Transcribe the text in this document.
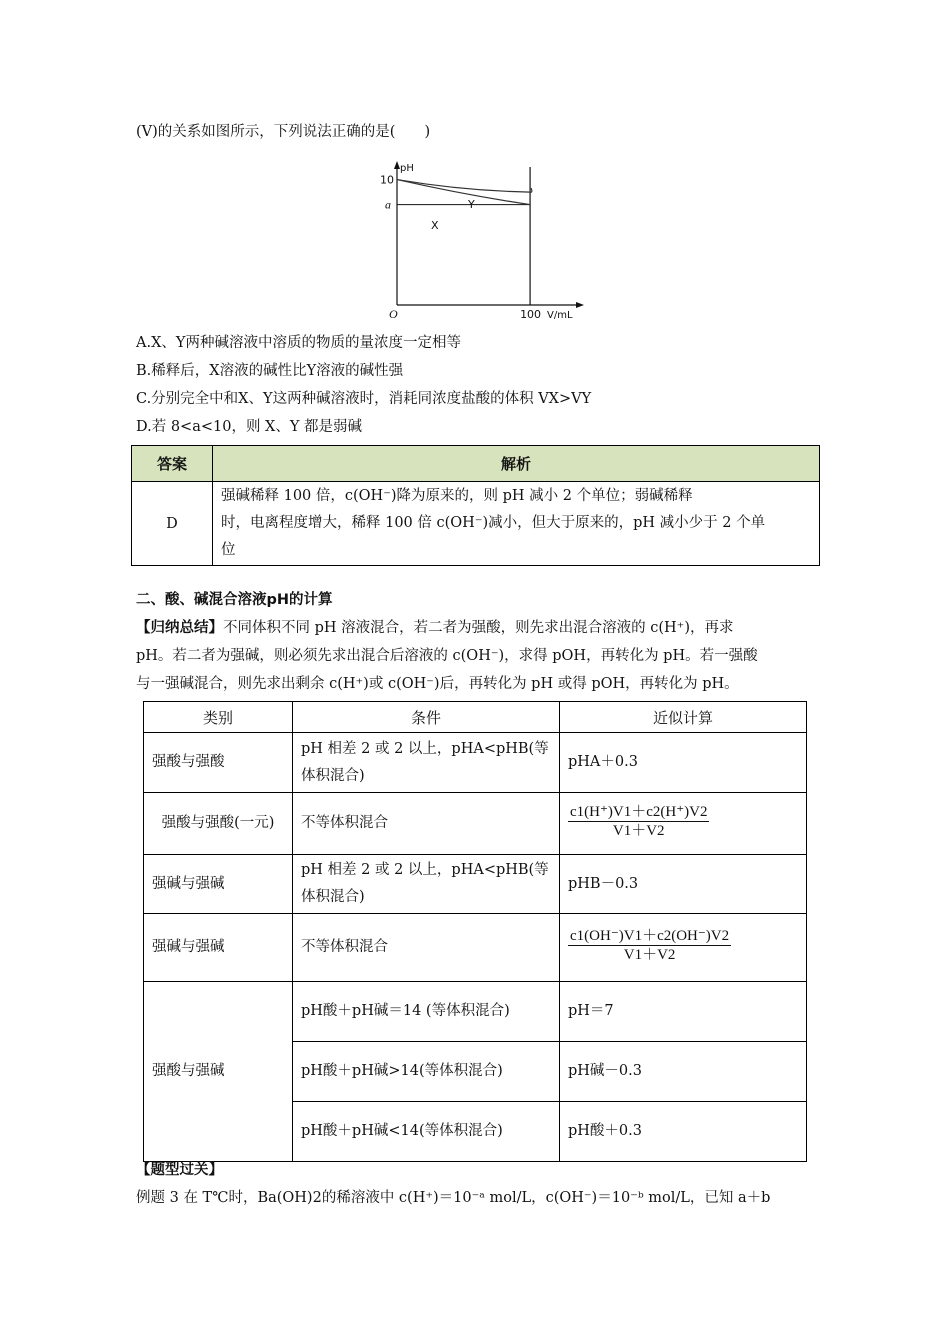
(V)的关系如图所示，下列说法正确的是(　　)
pH
10
a
O	100 V/mL
Y
X
A.X、Y两种碱溶液中溶质的物质的量浓度一定相等
B.稀释后，X溶液的碱性比Y溶液的碱性强
C.分别完全中和X、Y这两种碱溶液时，消耗同浓度盐酸的体积 VX>VY
D.若 8<a<10，则 X、Y 都是弱碱
答案	解析
D	强碱稀释 100 倍，c(OH⁻)降为原来的，则 pH 减小 2 个单位；弱碱稀释
时，电离程度增大，稀释 100 倍 c(OH⁻)减小，但大于原来的，pH 减小少于 2 个单
位
二、酸、碱混合溶液pH的计算
【归纳总结】不同体积不同 pH 溶液混合，若二者为强酸，则先求出混合溶液的 c(H⁺)，再求
pH。若二者为强碱，则必须先求出混合后溶液的 c(OH⁻)，求得 pOH，再转化为 pH。若一强酸
与一强碱混合，则先求出剩余 c(H⁺)或 c(OH⁻)后，再转化为 pH 或得 pOH，再转化为 pH。
类别	条件	近似计算
强酸与强酸	pH 相差 2 或 2 以上，pHA<pHB(等体积混合)	pHA＋0.3
强酸与强酸(一元)	不等体积混合	$\frac{c1(H^+)V1+c2(H^+)V2}{V1+V2}$

强碱与强碱	pH 相差 2 或 2 以上，pHA<pHB(等体积混合)	pHB－0.3
强碱与强碱	不等体积混合	$\frac{c1(OH^-)V1+c2(OH^-)V2}{V1+V2}$

强酸与强碱	pH酸＋pH碱＝14 (等体积混合)	pH＝7
	pH酸＋pH碱>14(等体积混合)	pH碱－0.3
	pH酸＋pH碱<14(等体积混合)	pH酸＋0.3
【题型过关】
例题 3 在 T℃时，Ba(OH)2的稀溶液中 c(H⁺)＝10⁻ᵃ mol/L，c(OH⁻)＝10⁻ᵇ mol/L，已知 a＋b
